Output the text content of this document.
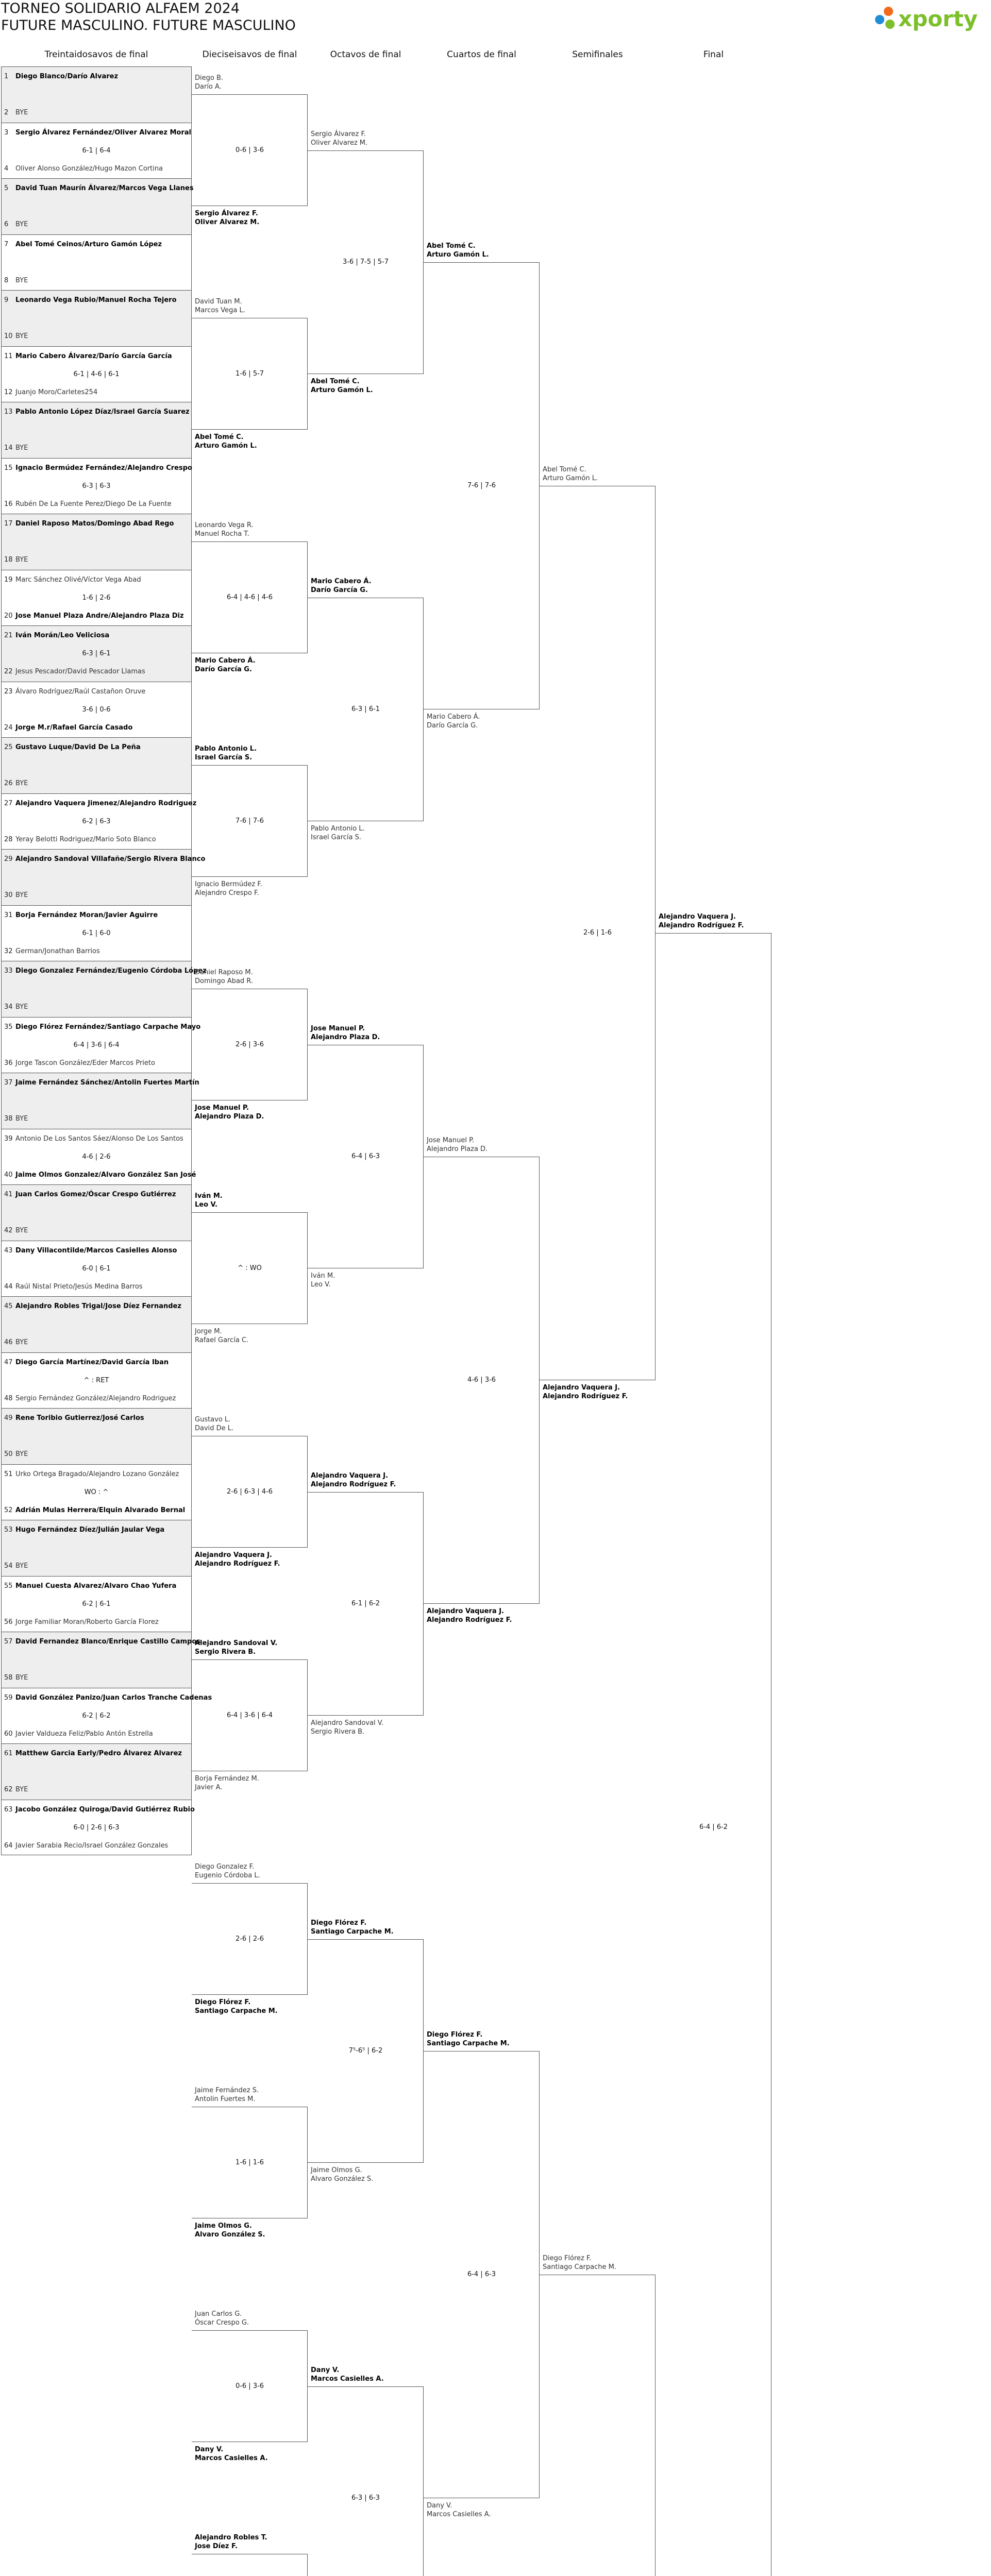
TORNEO SOLIDARIO ALFAEM 2024
FUTURE MASCULINO. FUTURE MASCULINO	xporty
Treintaidosavos de final	Dieciseisavos de final	Octavos de final	Cuartos de final	Semifinales	Final
1 Diego Blanco/Darío Alvarez
2 BYE
3 Sergio Álvarez Fernández/Oliver Alvarez Moral
4 Oliver Alonso González/Hugo Mazon Cortina
6-1 | 6-4
5 David Tuan Maurín Álvarez/Marcos Vega Llanes
6 BYE
7 Abel Tomé Ceinos/Arturo Gamón López
8 BYE
9 Leonardo Vega Rubio/Manuel Rocha Tejero
10 BYE
11 Mario Cabero Álvarez/Darío García García
12 Juanjo Moro/Carletes254
6-1 | 4-6 | 6-1
13 Pablo Antonio López Díaz/Israel García Suarez
14 BYE
15 Ignacio Bermúdez Fernández/Alejandro Crespo
16 Rubén De La Fuente Perez/Diego De La Fuente
6-3 | 6-3
17 Daniel Raposo Matos/Domingo Abad Rego
18 BYE
19 Marc Sánchez Olivé/Víctor Vega Abad
20 Jose Manuel Plaza Andre/Alejandro Plaza Diz
1-6 | 2-6
21 Iván Morán/Leo Veliciosa
22 Jesus Pescador/David Pescador Llamas
6-3 | 6-1
23 Álvaro Rodríguez/Raúl Castañon Oruve
24 Jorge M.r/Rafael García Casado
3-6 | 0-6
25 Gustavo Luque/David De La Peña
26 BYE
27 Alejandro Vaquera Jimenez/Alejandro Rodriguez
28 Yeray Belotti Rodriguez/Mario Soto Blanco
6-2 | 6-3
29 Alejandro Sandoval Villafañe/Sergio Rivera Blanco
30 BYE
31 Borja Fernández Moran/Javier Aguirre
32 German/Jonathan Barrios
6-1 | 6-0
33 Diego Gonzalez Fernández/Eugenio Córdoba López
34 BYE
35 Diego Flórez Fernández/Santiago Carpache Mayo
36 Jorge Tascon González/Eder Marcos Prieto
6-4 | 3-6 | 6-4
37 Jaime Fernández Sánchez/Antolin Fuertes Martín
38 BYE
39 Antonio De Los Santos Sáez/Alonso De Los Santos
40 Jaime Olmos Gonzalez/Alvaro González San José
4-6 | 2-6
41 Juan Carlos Gomez/Óscar Crespo Gutiérrez
42 BYE
43 Dany Villacontilde/Marcos Casielles Alonso
44 Raúl Nistal Prieto/Jesús Medina Barros
6-0 | 6-1
45 Alejandro Robles Trigal/Jose Díez Fernandez
46 BYE
47 Diego García Martínez/David García Iban
48 Sergio Fernández González/Alejandro Rodriguez
^ : RET
49 Rene Toribio Gutierrez/José Carlos
50 BYE
51 Urko Ortega Bragado/Alejandro Lozano González
52 Adrián Mulas Herrera/Elquin Alvarado Bernal
WO : ^
53 Hugo Fernández Díez/Julián Jaular Vega
54 BYE
55 Manuel Cuesta Alvarez/Alvaro Chao Yufera
56 Jorge Familiar Moran/Roberto García Florez
6-2 | 6-1
57 David Fernandez Blanco/Enrique Castillo Campos
58 BYE
59 David González Panizo/Juan Carlos Tranche Cadenas
60 Javier Valdueza Feliz/Pablo Antón Estrella
6-2 | 6-2
61 Matthew Garcia Early/Pedro Álvarez Alvarez
62 BYE
63 Jacobo González Quiroga/David Gutiérrez Rubio
64 Javier Sarabia Recio/Israel González Gonzales
6-0 | 2-6 | 6-3
Diego B.
Darío A.
Sergio Álvarez F.
Oliver Alvarez M.
0-6 | 3-6
David Tuan M.
Marcos Vega L.
Abel Tomé C.
Arturo Gamón L.
1-6 | 5-7
Leonardo Vega R.
Manuel Rocha T.
Mario Cabero Á.
Darío García G.
6-4 | 4-6 | 4-6
Pablo Antonio L.
Israel García S.
Ignacio Bermúdez F.
Alejandro Crespo F.
7-6 | 7-6
Daniel Raposo M.
Domingo Abad R.
Jose Manuel P.
Alejandro Plaza D.
2-6 | 3-6
Iván M.
Leo V.
Jorge M.
Rafael García C.
^ : WO
Gustavo L.
David De L.
Alejandro Vaquera J.
Alejandro Rodríguez F.
2-6 | 6-3 | 4-6
Alejandro Sandoval V.
Sergio Rivera B.
Borja Fernández M.
Javier A.
6-4 | 3-6 | 6-4
Diego Gonzalez F.
Eugenio Córdoba L.
Diego Flórez F.
Santiago Carpache M.
2-6 | 2-6
Jaime Fernández S.
Antolin Fuertes M.
Jaime Olmos G.
Alvaro González S.
1-6 | 1-6
Juan Carlos G.
Óscar Crespo G.
Dany V.
Marcos Casielles A.
0-6 | 3-6
Alejandro Robles T.
Jose Díez F.
Sergio Álvarez F.
Oliver Alvarez M.
Abel Tomé C.
Arturo Gamón L.
3-6 | 7-5 | 5-7
Mario Cabero Á.
Darío García G.
Pablo Antonio L.
Israel García S.
6-3 | 6-1
Jose Manuel P.
Alejandro Plaza D.
Iván M.
Leo V.
6-4 | 6-3
Alejandro Vaquera J.
Alejandro Rodríguez F.
Alejandro Sandoval V.
Sergio Rivera B.
6-1 | 6-2
Diego Flórez F.
Santiago Carpache M.
Jaime Olmos G.
Alvaro González S.
7⁵-6⁵ | 6-2
Dany V.
Marcos Casielles A.
6-3 | 6-3
Abel Tomé C.
Arturo Gamón L.
Mario Cabero Á.
Darío García G.
7-6 | 7-6
Jose Manuel P.
Alejandro Plaza D.
Alejandro Vaquera J.
Alejandro Rodríguez F.
4-6 | 3-6
Diego Flórez F.
Santiago Carpache M.
Dany V.
Marcos Casielles A.
6-4 | 6-3
Abel Tomé C.
Arturo Gamón L.
Alejandro Vaquera J.
Alejandro Rodríguez F.
2-6 | 1-6
Diego Flórez F.
Santiago Carpache M.
Alejandro Vaquera J.
Alejandro Rodríguez F.
6-4 | 6-2
